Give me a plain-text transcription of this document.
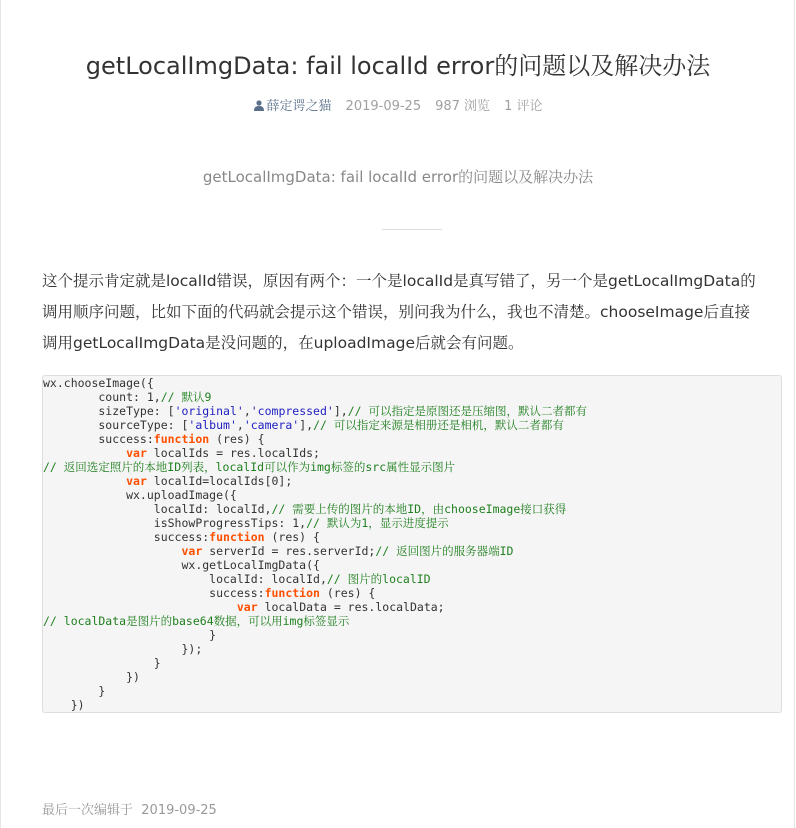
getLocalImgData: fail localId error的问题以及解决办法
薛定谔之猫 2019-09-25 987 浏览 1 评论
getLocalImgData: fail localId error的问题以及解决办法

这个提示肯定就是localId错误，原因有两个：一个是localId是真写错了，另一个是getLocalImgData的
调用顺序问题，比如下面的代码就会提示这个错误，别问我为什么，我也不清楚。chooseImage后直接
调用getLocalImgData是没问题的，在uploadImage后就会有问题。

wx.chooseImage({
count: 1,// 默认9
sizeType: ['original','compressed'],// 可以指定是原图还是压缩图，默认二者都有
sourceType: ['album','camera'],// 可以指定来源是相册还是相机，默认二者都有
success:function (res) {
var localIds = res.localIds;
// 返回选定照片的本地ID列表，localId可以作为img标签的src属性显示图片
var localId=localIds[0];
wx.uploadImage({
localId: localId,// 需要上传的图片的本地ID，由chooseImage接口获得
isShowProgressTips: 1,// 默认为1，显示进度提示
success:function (res) {
var serverId = res.serverId;// 返回图片的服务器端ID
wx.getLocalImgData({
localId: localId,// 图片的localID
success:function (res) {
var localData = res.localData;
// localData是图片的base64数据，可以用img标签显示
}
});
}
})
}
})
最后一次编辑于 2019-09-25
